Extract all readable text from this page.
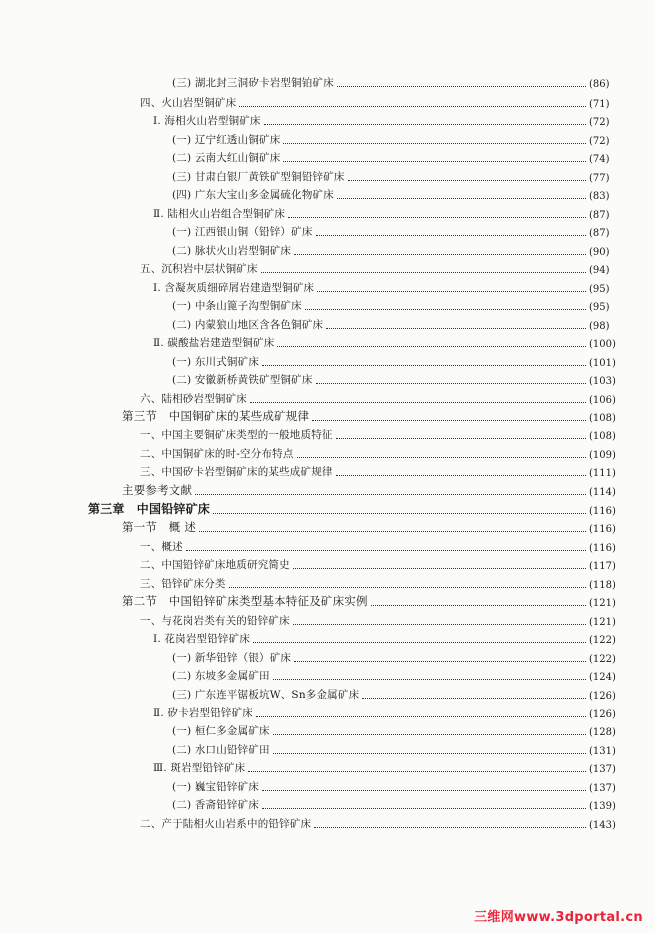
(三) 湖北封三洞矽卡岩型铜铂矿床	(86)
四、火山岩型铜矿床	(71)
Ⅰ. 海相火山岩型铜矿床	(72)
(一) 辽宁红透山铜矿床	(72)
(二) 云南大红山铜矿床	(74)
(三) 甘肃白银厂黄铁矿型铜铅锌矿床	(77)
(四) 广东大宝山多金属硫化物矿床	(83)
Ⅱ. 陆相火山岩组合型铜矿床	(87)
(一) 江西银山铜（铅锌）矿床	(87)
(二) 脉状火山岩型铜矿床	(90)
五、沉积岩中层状铜矿床	(94)
Ⅰ. 含凝灰质细碎屑岩建造型铜矿床	(95)
(一) 中条山篦子沟型铜矿床	(95)
(二) 内蒙狼山地区含各色铜矿床	(98)
Ⅱ. 碳酸盐岩建造型铜矿床	(100)
(一) 东川式铜矿床	(101)
(二) 安徽新桥黄铁矿型铜矿床	(103)
六、陆相砂岩型铜矿床	(106)
第三节　中国铜矿床的某些成矿规律	(108)
一、中国主要铜矿床类型的一般地质特征	(108)
二、中国铜矿床的时-空分布特点	(109)
三、中国矽卡岩型铜矿床的某些成矿规律	(111)
主要参考文献	(114)
第三章　中国铅锌矿床	(116)
第一节　概 述	(116)
一、概述	(116)
二、中国铅锌矿床地质研究简史	(117)
三、铅锌矿床分类	(118)
第二节　中国铅锌矿床类型基本特征及矿床实例	(121)
一、与花岗岩类有关的铅锌矿床	(121)
Ⅰ. 花岗岩型铅锌矿床	(122)
(一) 新华铅锌（银）矿床	(122)
(二) 东坡多金属矿田	(124)
(三) 广东连平锯板坑W、Sn多金属矿床	(126)
Ⅱ. 矽卡岩型铅锌矿床	(126)
(一) 桓仁多金属矿床	(128)
(二) 水口山铅锌矿田	(131)
Ⅲ. 斑岩型铅锌矿床	(137)
(一) 巍宝铅锌矿床	(137)
(二) 香斋铅锌矿床	(139)
二、产于陆相火山岩系中的铅锌矿床	(143)
三维网www.3dportal.cn
